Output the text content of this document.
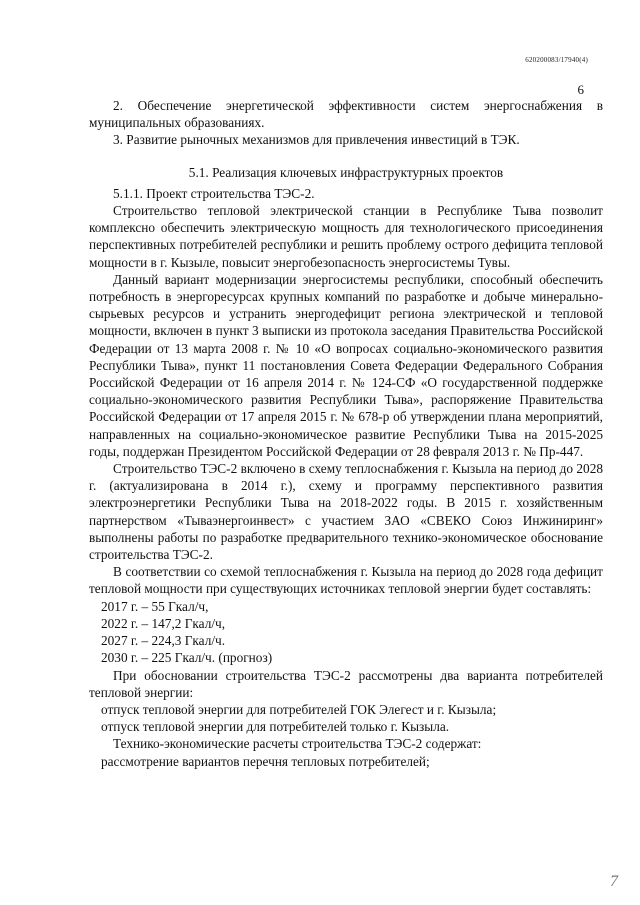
620200083/17940(4)
6

2. Обеспечение энергетической эффективности систем энергоснабжения в муниципальных образованиях.

3. Развитие рыночных механизмов для привлечения инвестиций в ТЭК.

5.1. Реализация ключевых инфраструктурных проектов

5.1.1. Проект строительства ТЭС-2.

Строительство тепловой электрической станции в Республике Тыва позволит комплексно обеспечить электрическую мощность для технологического присоединения перспективных потребителей республики и решить проблему острого дефицита тепловой мощности в г. Кызыле, повысит энергобезопасность энергосистемы Тувы.

Данный вариант модернизации энергосистемы республики, способный обеспечить потребность в энергоресурсах крупных компаний по разработке и добыче минерально-сырьевых ресурсов и устранить энергодефицит региона электрической и тепловой мощности, включен в пункт 3 выписки из протокола заседания Правительства Российской Федерации от 13 марта 2008 г. № 10 «О вопросах социально-экономического развития Республики Тыва», пункт 11 постановления Совета Федерации Федерального Собрания Российской Федерации от 16 апреля 2014 г. № 124-СФ «О государственной поддержке социально-экономического развития Республики Тыва», распоряжение Правительства Российской Федерации от 17 апреля 2015 г. № 678-р об утверждении плана мероприятий, направленных на социально-экономическое развитие Республики Тыва на 2015-2025 годы, поддержан Президентом Российской Федерации от 28 февраля 2013 г. № Пр-447.

Строительство ТЭС-2 включено в схему теплоснабжения г. Кызыла на период до 2028 г. (актуализирована в 2014 г.), схему и программу перспективного развития электроэнергетики Республики Тыва на 2018-2022 годы. В 2015 г. хозяйственным партнерством «Тываэнергоинвест» с участием ЗАО «СВЕКО Союз Инжиниринг» выполнены работы по разработке предварительного технико-экономическое обоснование строительства ТЭС-2.

В соответствии со схемой теплоснабжения г. Кызыла на период до 2028 года дефицит тепловой мощности при существующих источниках тепловой энергии будет составлять:

2017 г. – 55 Гкал/ч,

2022 г. – 147,2 Гкал/ч,

2027 г. – 224,3 Гкал/ч.

2030 г. – 225 Гкал/ч. (прогноз)

При обосновании строительства ТЭС-2 рассмотрены два варианта потребителей тепловой энергии:

отпуск тепловой энергии для потребителей ГОК Элегест и г. Кызыла;

отпуск тепловой энергии для потребителей только г. Кызыла.

Технико-экономические расчеты строительства ТЭС-2 содержат:

рассмотрение вариантов перечня тепловых потребителей;

7
